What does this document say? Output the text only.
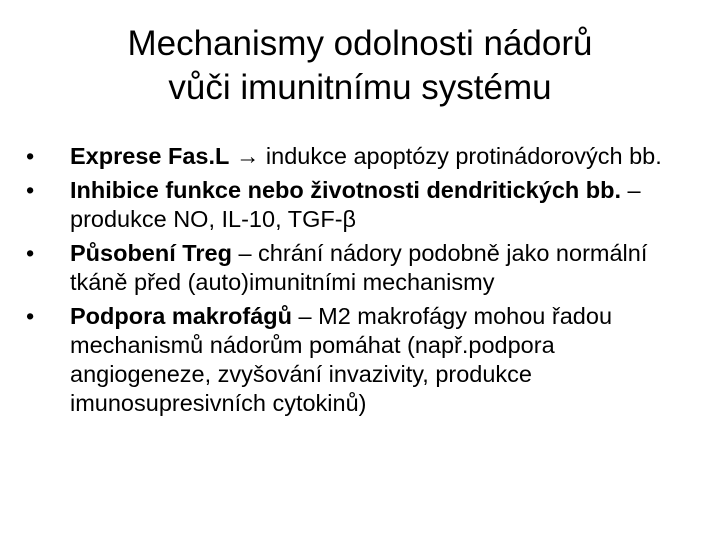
Mechanismy odolnosti nádorů
vůči imunitnímu systému
•	Exprese Fas.L → indukce apoptózy protinádorových bb.
•	Inhibice funkce nebo životnosti dendritických bb. – produkce NO, IL-10, TGF-β
•	Působení Treg – chrání nádory podobně jako normální tkáně před (auto)imunitními mechanismy
•	Podpora makrofágů – M2 makrofágy mohou řadou mechanismů nádorům pomáhat (např.podpora angiogeneze, zvyšování invazivity, produkce imunosupresivních cytokinů)
